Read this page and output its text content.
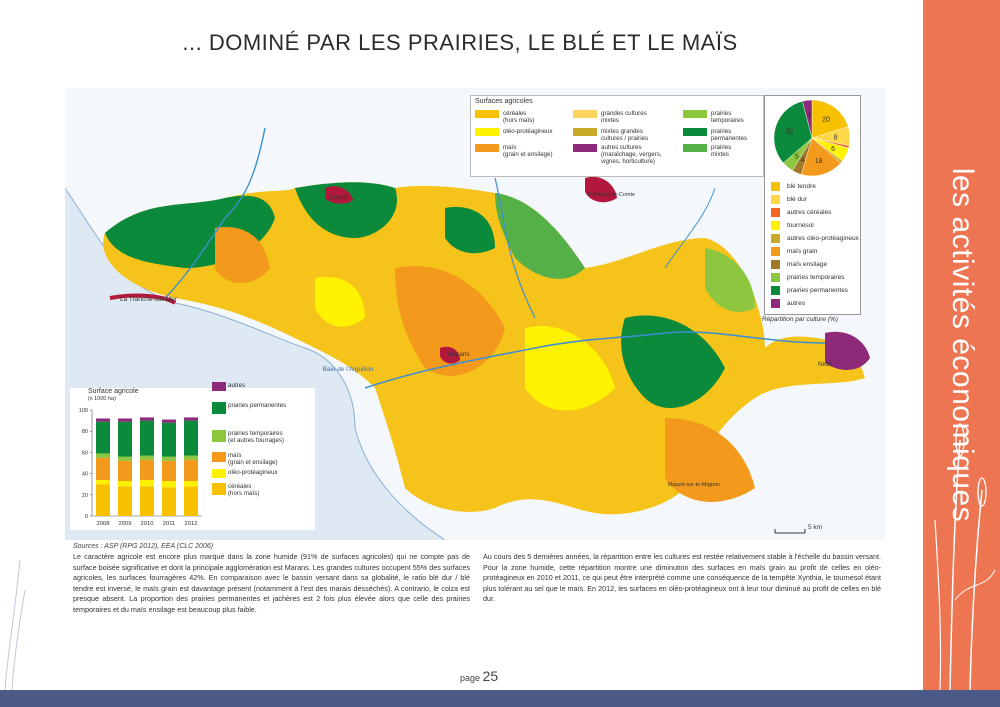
les activités économiques
... DOMINÉ PAR LES PRAIRIES, LE BLÉ ET LE MAÏS
Luçon	Fontenay-le-Comte
La Tranche-sur-Mer
Baie de l'Aiguillon
Marans
Niort
Mauzé-sur-le-Mignon
5 km
Surfaces agricoles
céréales
(hors maïs)
oléo-protéagineux
maïs
(grain et ensilage)
grandes cultures
mixtes
mixtes grandes
cultures / prairies
autres cultures
(maraîchage, vergers,
vignes, horticulture)
prairies
temporaires
prairies
permanentes
prairies
mixtes
20
8
6
18
4
5
32
4
blé tendre
blé dur
autres céréales
tournesol
autres oléo-protéagineux
maïs grain
maïs ensilage
prairies temporaires
prairies permanentes
autres
Répartition par culture (%)
Surface agricole
(x 1000 ha)
0
20
40
60
80
100
2008 2009 2010 2011 2012
céréales
(hors maïs)
oléo-protéagineux
maïs
(grain et ensilage)
prairies temporaires
(et autres fourrages)
prairies permanentes
autres
Sources : ASP (RPG 2012), EEA (CLC 2006)
Le caractère agricole est encore plus marqué dans la zone humide (91% de surfaces agricoles) qui ne compte pas de surface boisée significative et dont la principale agglomération est Marans. Les grandes cultures occupent 55% des surfaces agricoles, les surfaces fourragères 42%. En comparaison avec le bassin versant dans sa globalité, le ratio blé dur / blé tendre est inversé, le maïs grain est davantage présent (notamment à l'est des marais desséchés). A contrario, le colza est presque absent. La proportion des prairies permanentes et jachères est 2 fois plus élevée alors que celle des prairies temporaires et du maïs ensilage est beaucoup plus faible.
Au cours des 5 dernières années, la répartition entre les cultures est restée relativement stable à l'échelle du bassin versant. Pour la zone humide, cette répartition montre une diminution des surfaces en maïs grain au profit de celles en oléo-protéagineux en 2010 et 2011, ce qui peut être interprété comme une conséquence de la tempête Xynthia, le tournesol étant plus tolérant au sel que le maïs. En 2012, les surfaces en oléo-protéagineux ont à leur tour diminué au profit de celles en blé dur.
page 25
